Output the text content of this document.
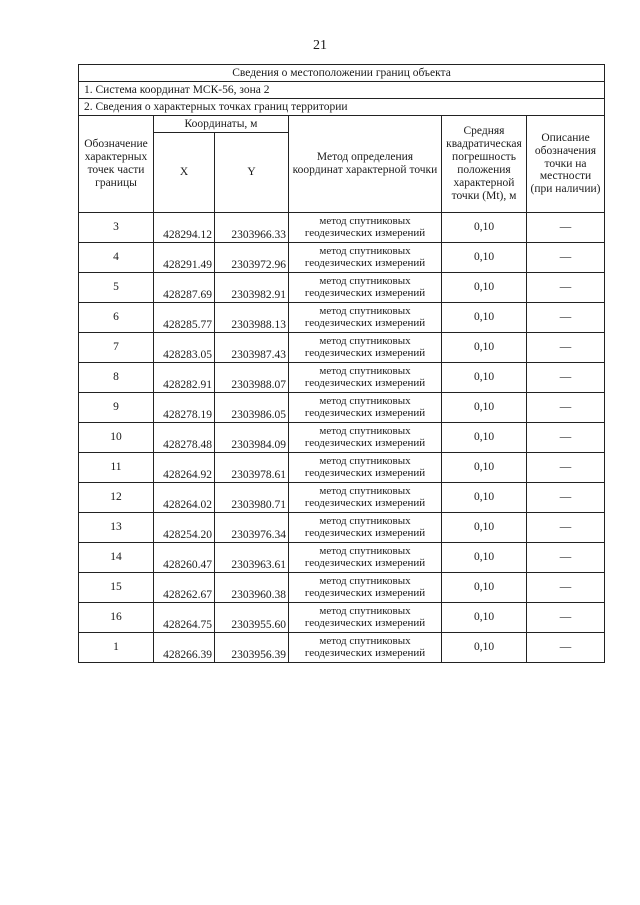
21
Сведения о местоположении границ объекта					
1. Система координат МСК-56, зона 2					
2. Сведения о характерных точках границ территории					
Обозначение характерных точек части границы	Координаты, м		Метод определения координат характерной точки	Средняя квадратическая погрешность положения характерной точки (Mt), м	Описание обозначения точки на местности (при наличии)
	X	Y			
3	428294.12	2303966.33	метод спутниковых геодезических измерений	0,10	—
4	428291.49	2303972.96	метод спутниковых геодезических измерений	0,10	—
5	428287.69	2303982.91	метод спутниковых геодезических измерений	0,10	—
6	428285.77	2303988.13	метод спутниковых геодезических измерений	0,10	—
7	428283.05	2303987.43	метод спутниковых геодезических измерений	0,10	—
8	428282.91	2303988.07	метод спутниковых геодезических измерений	0,10	—
9	428278.19	2303986.05	метод спутниковых геодезических измерений	0,10	—
10	428278.48	2303984.09	метод спутниковых геодезических измерений	0,10	—
11	428264.92	2303978.61	метод спутниковых геодезических измерений	0,10	—
12	428264.02	2303980.71	метод спутниковых геодезических измерений	0,10	—
13	428254.20	2303976.34	метод спутниковых геодезических измерений	0,10	—
14	428260.47	2303963.61	метод спутниковых геодезических измерений	0,10	—
15	428262.67	2303960.38	метод спутниковых геодезических измерений	0,10	—
16	428264.75	2303955.60	метод спутниковых геодезических измерений	0,10	—
1	428266.39	2303956.39	метод спутниковых геодезических измерений	0,10	—
